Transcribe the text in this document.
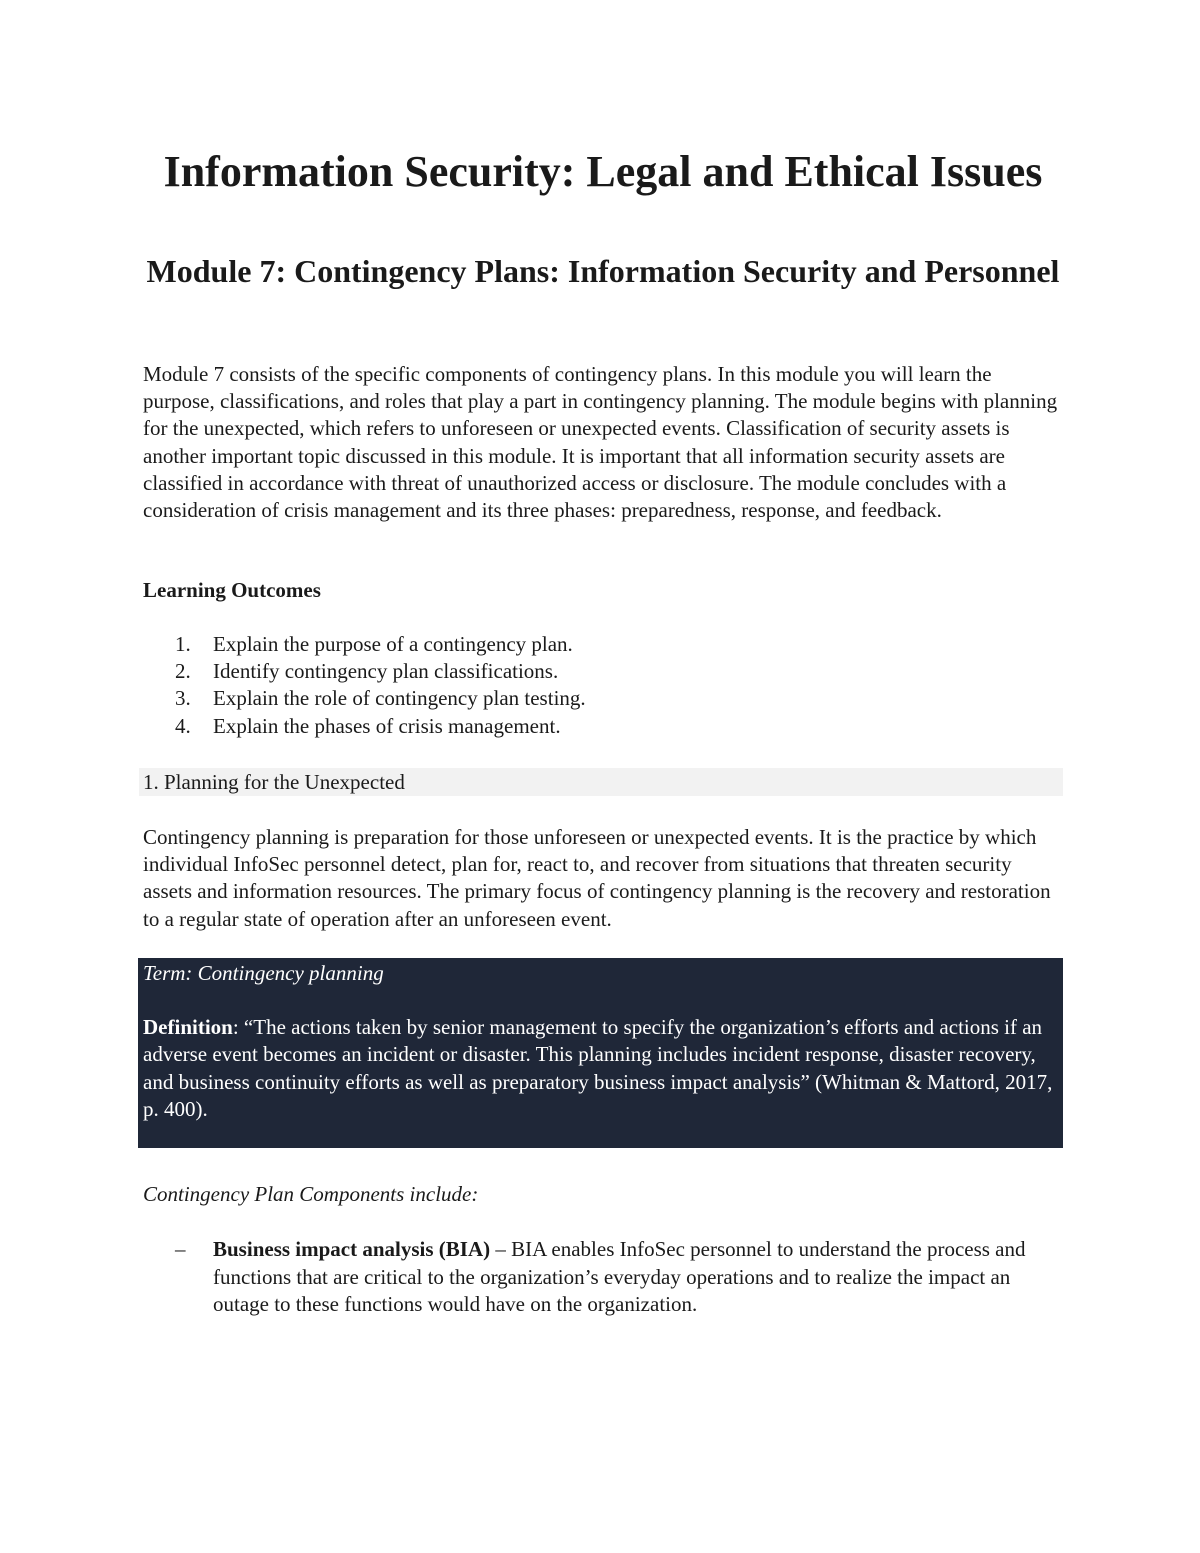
Information Security: Legal and Ethical Issues
Module 7: Contingency Plans: Information Security and Personnel

Module 7 consists of the specific components of contingency plans. In this module you will learn the purpose, classifications, and roles that play a part in contingency planning. The module begins with planning for the unexpected, which refers to unforeseen or unexpected events. Classification of security assets is another important topic discussed in this module. It is important that all information security assets are classified in accordance with threat of unauthorized access or disclosure. The module concludes with a consideration of crisis management and its three phases: preparedness, response, and feedback.

Learning Outcomes

1.	Explain the purpose of a contingency plan.
2.	Identify contingency plan classifications.
3.	Explain the role of contingency plan testing.
4.	Explain the phases of crisis management.
1. Planning for the Unexpected

Contingency planning is preparation for those unforeseen or unexpected events. It is the practice by which individual InfoSec personnel detect, plan for, react to, and recover from situations that threaten security assets and information resources. The primary focus of contingency planning is the recovery and restoration to a regular state of operation after an unforeseen event.

Term: Contingency planning

Definition: “The actions taken by senior management to specify the organization’s efforts and actions if an adverse event becomes an incident or disaster. This planning includes incident response, disaster recovery, and business continuity efforts as well as preparatory business impact analysis” (Whitman & Mattord, 2017, p. 400).

Contingency Plan Components include:

–	Business impact analysis (BIA) – BIA enables InfoSec personnel to understand the process and functions that are critical to the organization’s everyday operations and to realize the impact an outage to these functions would have on the organization.
